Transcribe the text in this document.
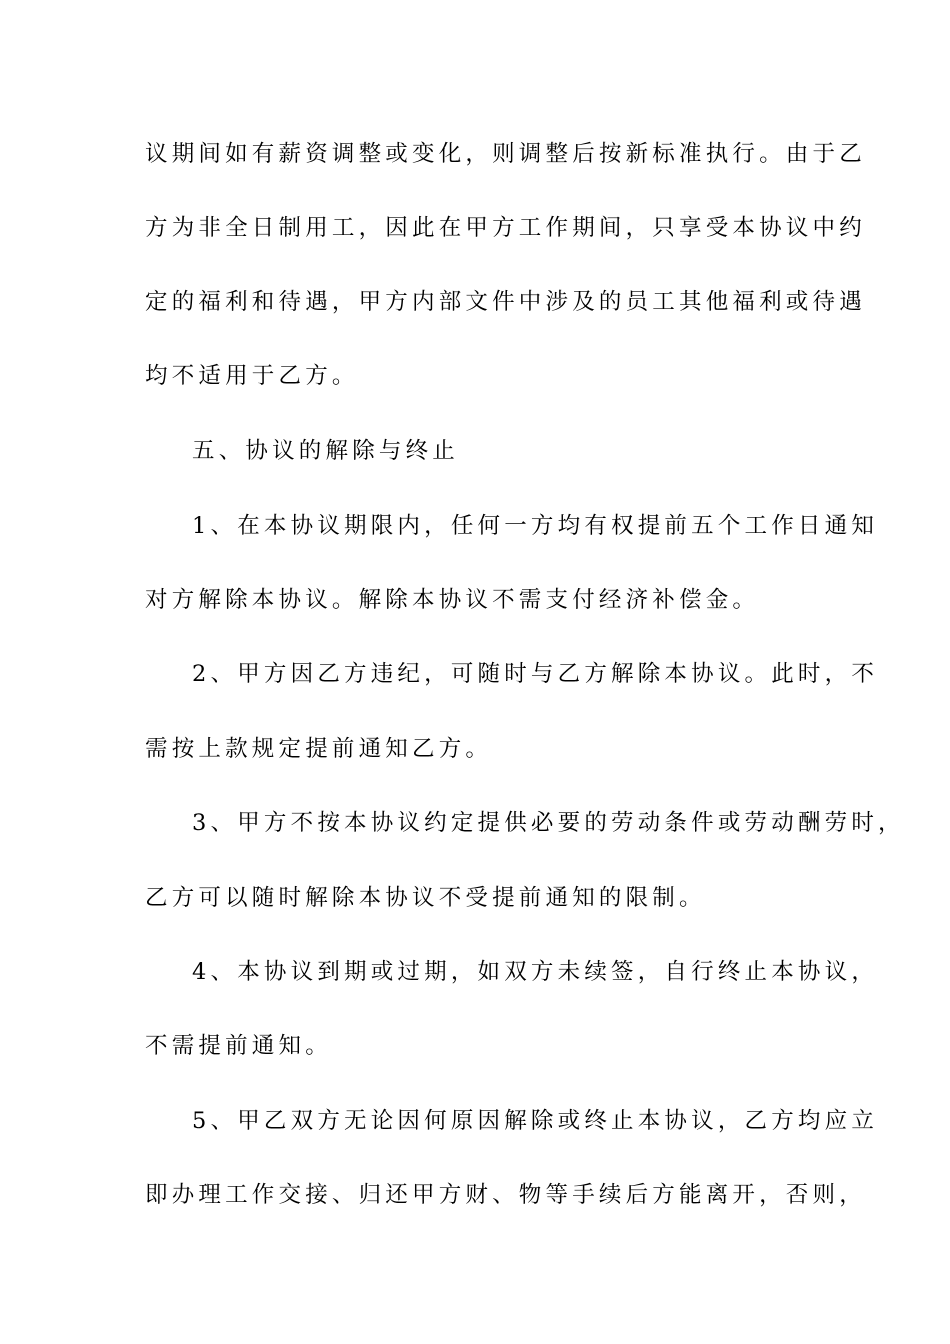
议期间如有薪资调整或变化，则调整后按新标准执行。由于乙
方为非全日制用工，因此在甲方工作期间，只享受本协议中约
定的福利和待遇，甲方内部文件中涉及的员工其他福利或待遇
均不适用于乙方。
五、协议的解除与终止
1、在本协议期限内，任何一方均有权提前五个工作日通知
对方解除本协议。解除本协议不需支付经济补偿金。
2、甲方因乙方违纪，可随时与乙方解除本协议。此时，不
需按上款规定提前通知乙方。
3、甲方不按本协议约定提供必要的劳动条件或劳动酬劳时，
乙方可以随时解除本协议不受提前通知的限制。
4、本协议到期或过期，如双方未续签，自行终止本协议，
不需提前通知。
5、甲乙双方无论因何原因解除或终止本协议，乙方均应立
即办理工作交接、归还甲方财、物等手续后方能离开，否则，
